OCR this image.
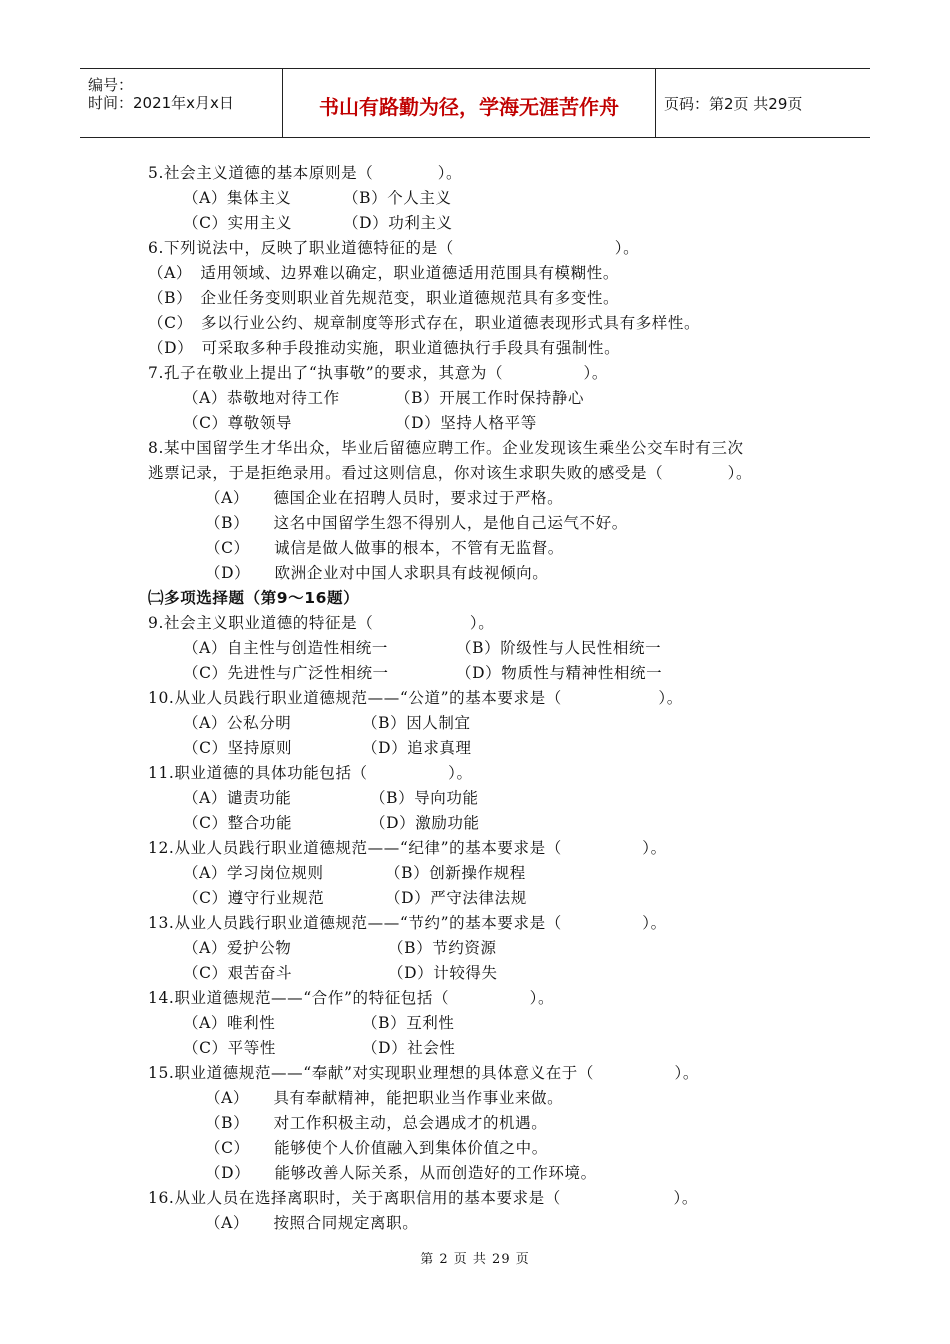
编号：
时间：2021年x月x日	书山有路勤为径，学海无涯苦作舟	页码：第2页 共29页
5.社会主义道德的基本原则是（　　　　）。
（A）集体主义	（B）个人主义
（C）实用主义	（D）功利主义
6.下列说法中，反映了职业道德特征的是（　　　　　　　　　　）。
（A）　适用领域、边界难以确定，职业道德适用范围具有模糊性。
（B）　企业任务变则职业首先规范变，职业道德规范具有多变性。
（C）　多以行业公约、规章制度等形式存在，职业道德表现形式具有多样性。
（D）　可采取多种手段推动实施，职业道德执行手段具有强制性。
7.孔子在敬业上提出了“执事敬”的要求，其意为（　　　　　）。
（A）恭敬地对待工作	（B）开展工作时保持静心
（C）尊敬领导	（D）坚持人格平等
8.某中国留学生才华出众，毕业后留德应聘工作。企业发现该生乘坐公交车时有三次
逃票记录，于是拒绝录用。看过这则信息，你对该生求职失败的感受是（　　　　）。
（A）　　德国企业在招聘人员时，要求过于严格。
（B）　　这名中国留学生怨不得别人，是他自己运气不好。
（C）　　诚信是做人做事的根本，不管有无监督。
（D）　　欧洲企业对中国人求职具有歧视倾向。
㈡多项选择题（第9～16题）
9.社会主义职业道德的特征是（　　　　　　）。
（A）自主性与创造性相统一	（B）阶级性与人民性相统一
（C）先进性与广泛性相统一	（D）物质性与精神性相统一
10.从业人员践行职业道德规范——“公道”的基本要求是（　　　　　　）。
（A）公私分明	（B）因人制宜
（C）坚持原则	（D）追求真理
11.职业道德的具体功能包括（　　　　　）。
（A）谴责功能	（B）导向功能
（C）整合功能	（D）激励功能
12.从业人员践行职业道德规范——“纪律”的基本要求是（　　　　　）。
（A）学习岗位规则	（B）创新操作规程
（C）遵守行业规范	（D）严守法律法规
13.从业人员践行职业道德规范——“节约”的基本要求是（　　　　　）。
（A）爱护公物	（B）节约资源
（C）艰苦奋斗	（D）计较得失
14.职业道德规范——“合作”的特征包括（　　　　　）。
（A）唯利性	（B）互利性
（C）平等性	（D）社会性
15.职业道德规范——“奉献”对实现职业理想的具体意义在于（　　　　　）。
（A）　　具有奉献精神，能把职业当作事业来做。
（B）　　对工作积极主动，总会遇成才的机遇。
（C）　　能够使个人价值融入到集体价值之中。
（D）　　能够改善人际关系，从而创造好的工作环境。
16.从业人员在选择离职时，关于离职信用的基本要求是（　　　　　　　）。
（A）　　按照合同规定离职。
第 2 页 共 29 页
